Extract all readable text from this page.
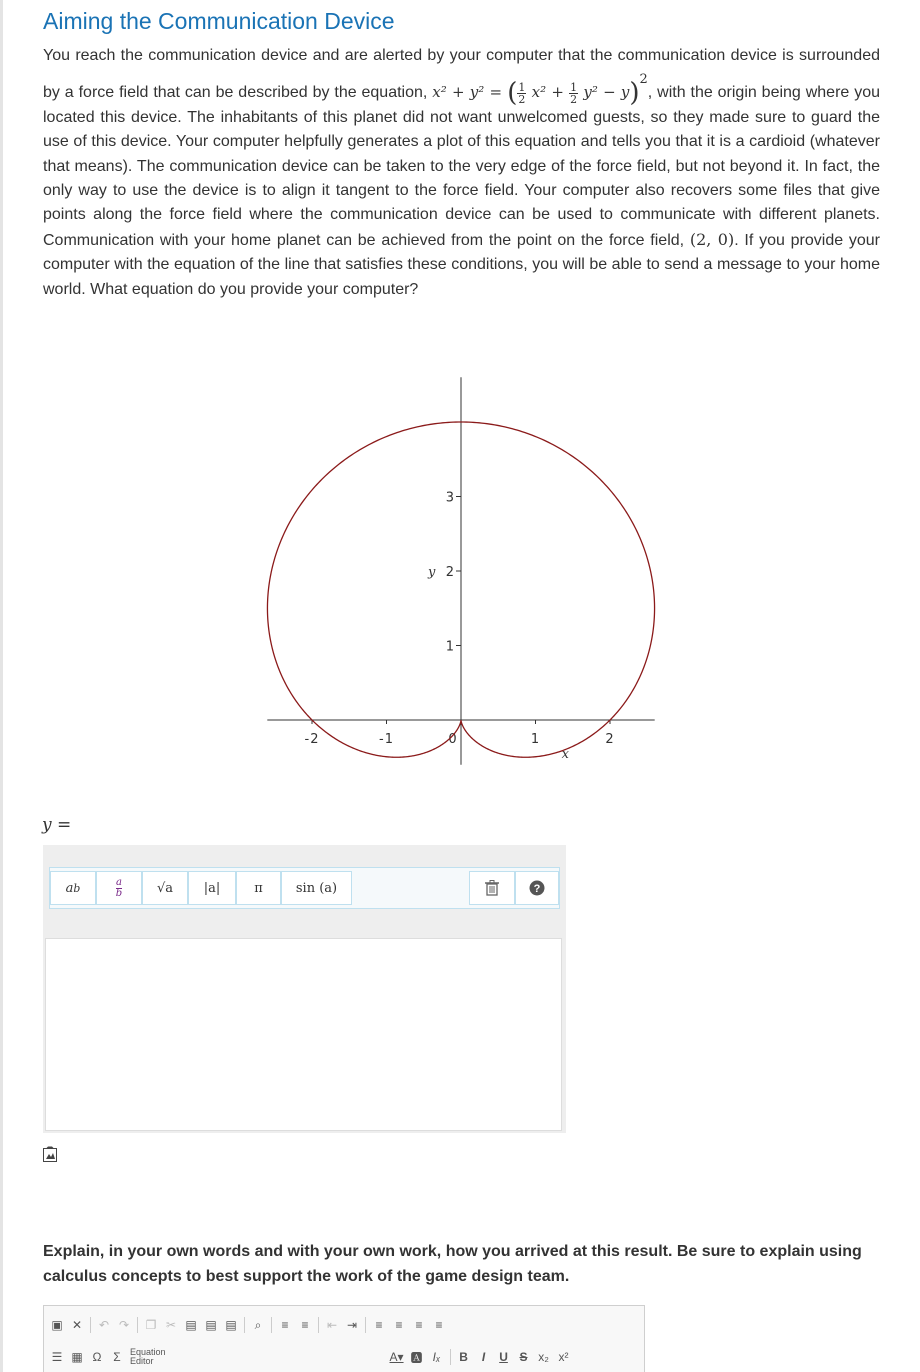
Aiming the Communication Device
You reach the communication device and are alerted by your computer that the communication device is surrounded by a force field that can be described by the equation, x² + y² = ( $\frac{1}{2} x^2 + \frac{1}{2} y^2 - y)^2$, with the origin being where you located this device. The inhabitants of this planet did not want unwelcomed guests, so they made sure to guard the use of this device. Your computer helpfully generates a plot of this equation and tells you that it is a cardioid (whatever that means). The communication device can be taken to the very edge of the force field, but not beyond it. In fact, the only way to use the device is to align it tangent to the force field. Your computer also recovers some files that give points along the force field where the communication device can be used to communicate with different planets. Communication with your home planet can be achieved from the point on the force field, (2, 0). If you provide your computer with the equation of the line that satisfies these conditions, you will be able to send a message to your home world. What equation do you provide your computer?
-2	-1	0	1	2
1
2
3
y
x
y =
a b	a
b	√a	|a|	π	sin (a)	?
Explain, in your own words and with your own work, how you arrived at this result. Be sure to explain using calculus concepts to best support the work of the game design team.
▣ ✕ ↶ ↷ ❐ ✂ ▤ ▤ ▤	⌕	≡ ≡ ⇤ ⇥ ≡ ≡ ≡ ≡
☰ ▦ Ω Σ	Equation
Editor	A▾ 🅰 Iₓ B	I	U S x₂ x²
